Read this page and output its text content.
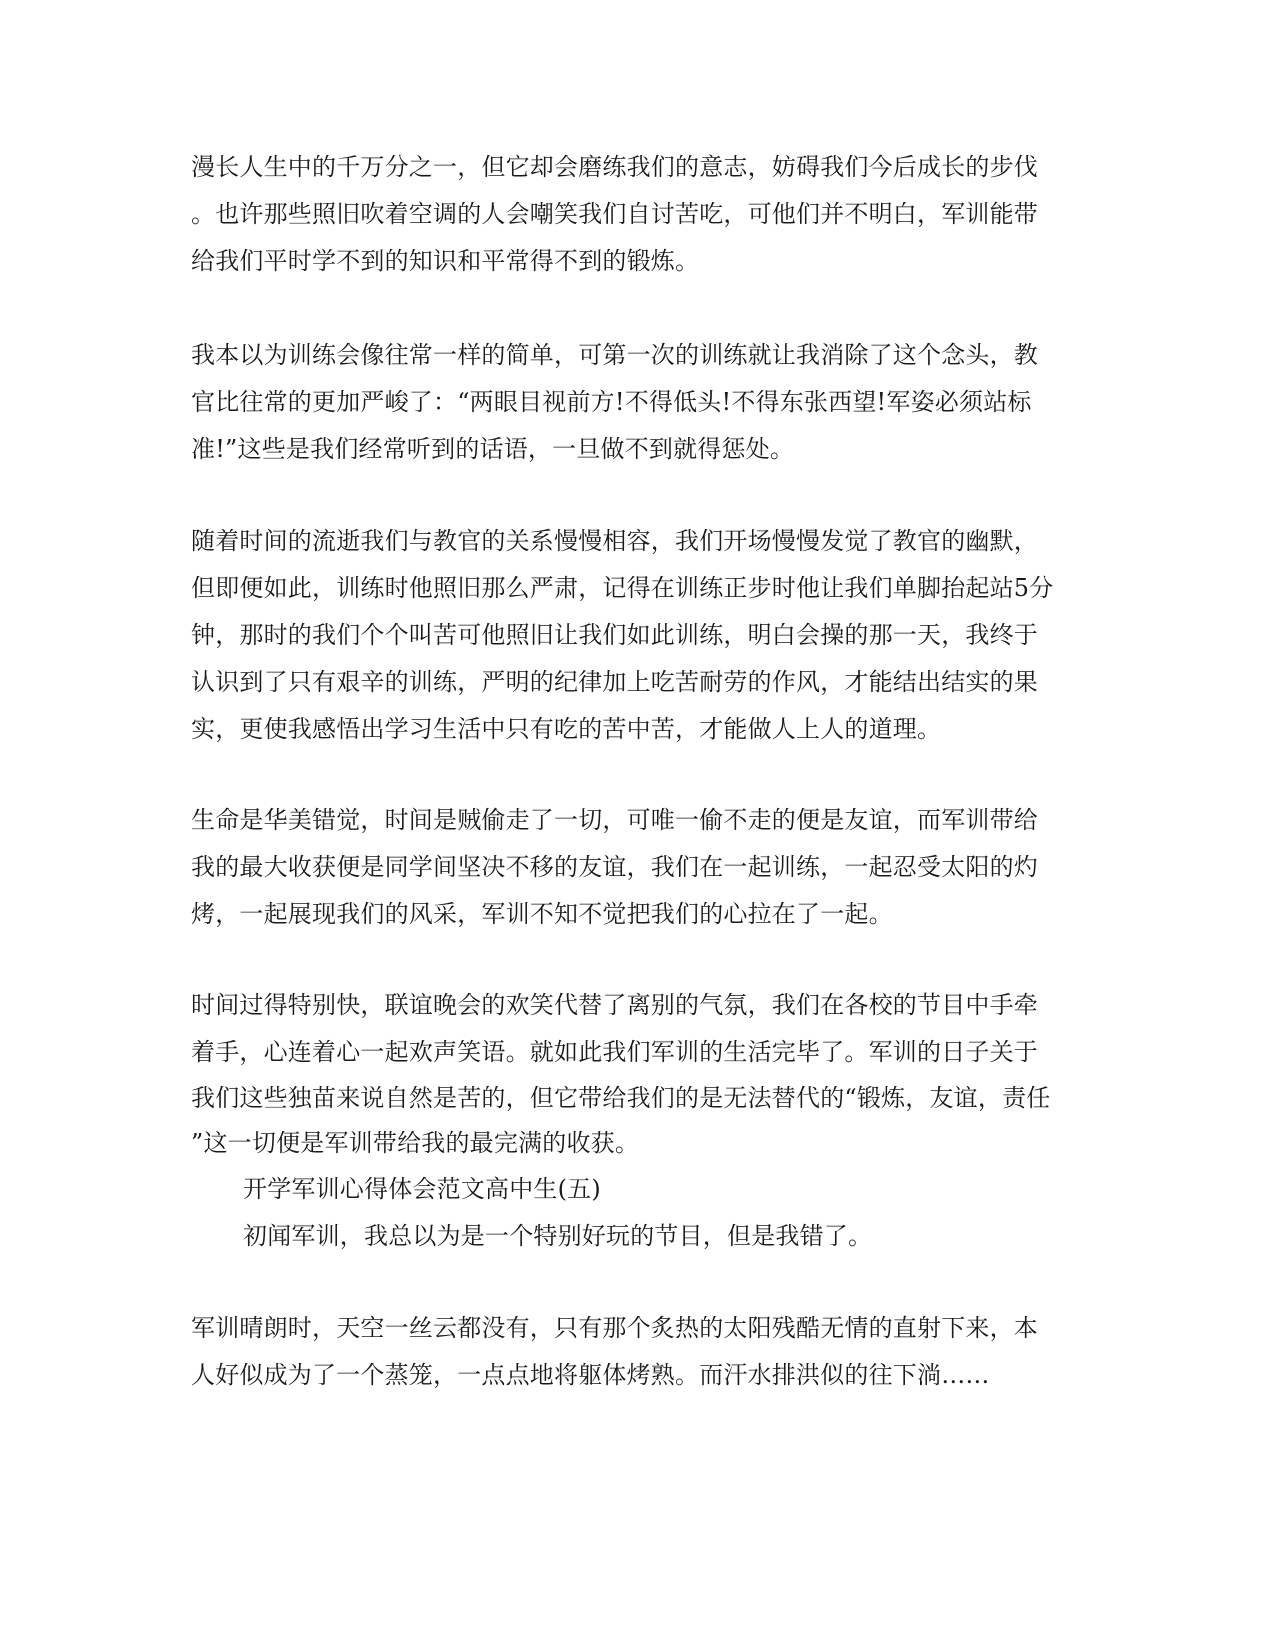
漫长人生中的千万分之一，但它却会磨练我们的意志，妨碍我们今后成长的步伐
。也许那些照旧吹着空调的人会嘲笑我们自讨苦吃，可他们并不明白，军训能带
给我们平时学不到的知识和平常得不到的锻炼。
我本以为训练会像往常一样的简单，可第一次的训练就让我消除了这个念头，教
官比往常的更加严峻了：“两眼目视前方!不得低头!不得东张西望!军姿必须站标
准!”这些是我们经常听到的话语，一旦做不到就得惩处。
随着时间的流逝我们与教官的关系慢慢相容，我们开场慢慢发觉了教官的幽默，
但即便如此，训练时他照旧那么严肃，记得在训练正步时他让我们单脚抬起站5分
钟，那时的我们个个叫苦可他照旧让我们如此训练，明白会操的那一天，我终于
认识到了只有艰辛的训练，严明的纪律加上吃苦耐劳的作风，才能结出结实的果
实，更使我感悟出学习生活中只有吃的苦中苦，才能做人上人的道理。
生命是华美错觉，时间是贼偷走了一切，可唯一偷不走的便是友谊，而军训带给
我的最大收获便是同学间坚决不移的友谊，我们在一起训练，一起忍受太阳的灼
烤，一起展现我们的风采，军训不知不觉把我们的心拉在了一起。
时间过得特别快，联谊晚会的欢笑代替了离别的气氛，我们在各校的节目中手牵
着手，心连着心一起欢声笑语。就如此我们军训的生活完毕了。军训的日子关于
我们这些独苗来说自然是苦的，但它带给我们的是无法替代的“锻炼，友谊，责任
”这一切便是军训带给我的最完满的收获。
开学军训心得体会范文高中生(五)
初闻军训，我总以为是一个特别好玩的节目，但是我错了。
军训晴朗时，天空一丝云都没有，只有那个炙热的太阳残酷无情的直射下来，本
人好似成为了一个蒸笼，一点点地将躯体烤熟。而汗水排洪似的往下淌……
